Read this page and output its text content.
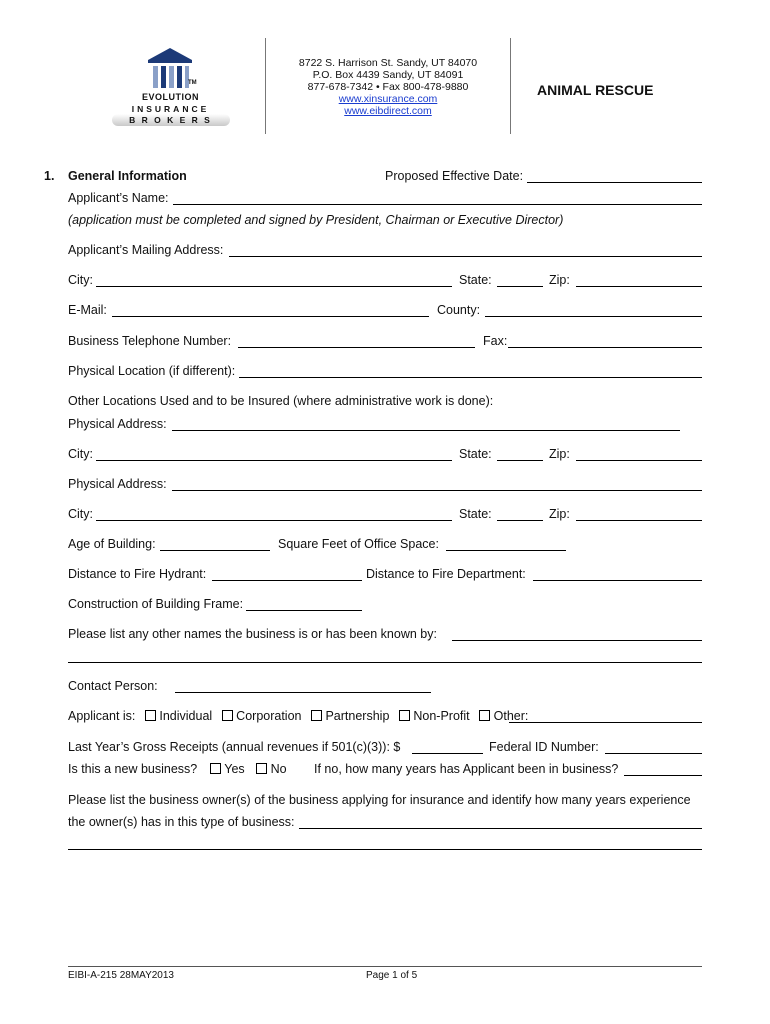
TM
EVOLUTION
INSURANCE
B R O K E R S
8722 S. Harrison St. Sandy, UT 84070
P.O. Box 4439 Sandy, UT 84091
877-678-7342 • Fax 800-478-9880
www.xinsurance.com
www.eibdirect.com
ANIMAL RESCUE
1. General Information	Proposed Effective Date:
Applicant’s Name:
(application must be completed and signed by President, Chairman or Executive Director)
Applicant’s Mailing Address:
City:	State:	Zip:
E-Mail:	County:
Business Telephone Number:	Fax:
Physical Location (if different):
Other Locations Used and to be Insured (where administrative work is done):
Physical Address:
City:	State:	Zip:
Physical Address:
City:	State:	Zip:
Age of Building:	Square Feet of Office Space:
Distance to Fire Hydrant:	Distance to Fire Department:
Construction of Building Frame:
Please list any other names the business is or has been known by:
Contact Person:
Applicant is: Individual Corporation Partnership Non-Profit Other:
Last Year’s Gross Receipts (annual revenues if 501(c)(3)): $	Federal ID Number:
Is this a new business?	Yes No If no, how many years has Applicant been in business?
Please list the business owner(s) of the business applying for insurance and identify how many years experience
the owner(s) has in this type of business:
EIBI-A-215 28MAY2013	Page 1 of 5
